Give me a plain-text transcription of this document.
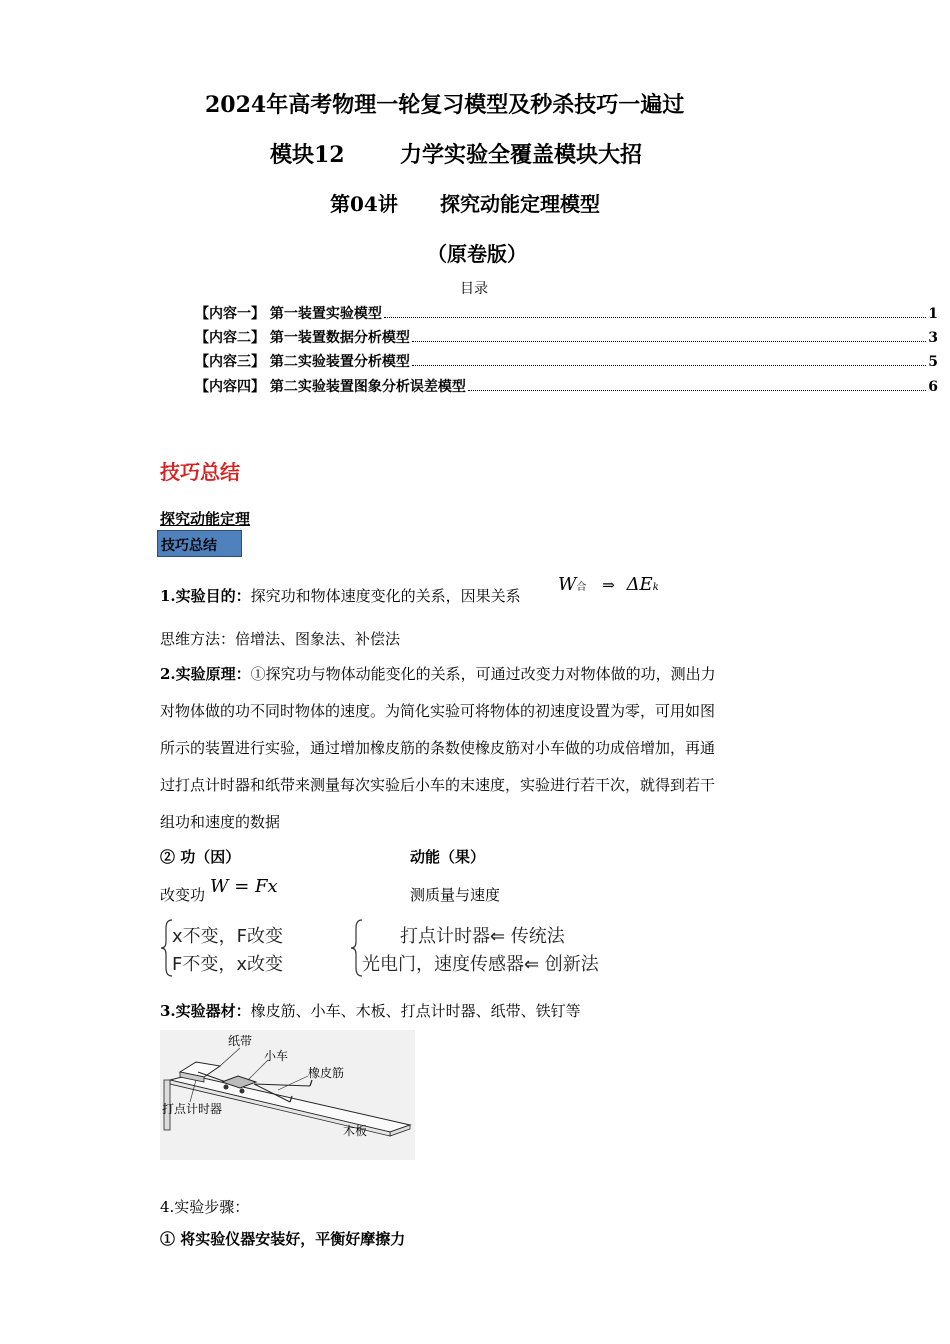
2024年高考物理一轮复习模型及秒杀技巧一遍过
模块12	力学实验全覆盖模块大招
第04讲 探究动能定理模型
（原卷版）
目录
【内容一】 第一装置实验模型	1
【内容二】 第一装置数据分析模型	3
【内容三】 第二实验装置分析模型	5
【内容四】 第二实验装置图象分析误差模型	6
技巧总结
探究动能定理
技巧总结
1.实验目的：探究功和物体速度变化的关系，因果关系
W合 ⇒ ΔEk
思维方法：倍增法、图象法、补偿法
2.实验原理：①探究功与物体动能变化的关系，可通过改变力对物体做的功，测出力
对物体做的功不同时物体的速度。为简化实验可将物体的初速度设置为零，可用如图
所示的装置进行实验，通过增加橡皮筋的条数使橡皮筋对小车做的功成倍增加，再通
过打点计时器和纸带来测量每次实验后小车的末速度，实验进行若干次，就得到若干
组功和速度的数据
② 功（因）	动能（果）
改变功 W = Fx	测质量与速度
x不变，F改变
F不变，x改变
打点计时器⇐ 传统法
光电门，速度传感器⇐ 创新法
3.实验器材：橡皮筋、小车、木板、打点计时器、纸带、铁钉等
纸带
小车
橡皮筋
打点计时器
木板
4.实验步骤：
① 将实验仪器安装好，平衡好摩擦力
